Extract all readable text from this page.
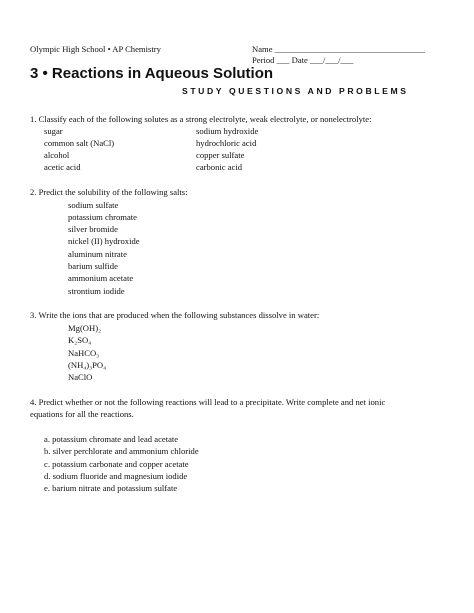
Olympic High School • AP Chemistry	Name ___________________________________
Period ___ Date ___/___/___
3 • Reactions in Aqueous Solution
STUDY QUESTIONS AND PROBLEMS
1. Classify each of the following solutes as a strong electrolyte, weak electrolyte, or nonelectrolyte:
sugar
common salt (NaCl)
alcohol
acetic acid
sodium hydroxide
hydrochloric acid
copper sulfate
carbonic acid
2. Predict the solubility of the following salts:
sodium sulfate
potassium chromate
silver bromide
nickel (II) hydroxide
aluminum nitrate
barium sulfide
ammonium acetate
strontium iodide
3. Write the ions that are produced when the following substances dissolve in water:
Mg(OH)₂
K₂SO₄
NaHCO₃
(NH₄)₃PO₄
NaClO
4. Predict whether or not the following reactions will lead to a precipitate. Write complete and net ionic
equations for all the reactions.
a. potassium chromate and lead acetate
b. silver perchlorate and ammonium chloride
c. potassium carbonate and copper acetate
d. sodium fluoride and magnesium iodide
e. barium nitrate and potassium sulfate
